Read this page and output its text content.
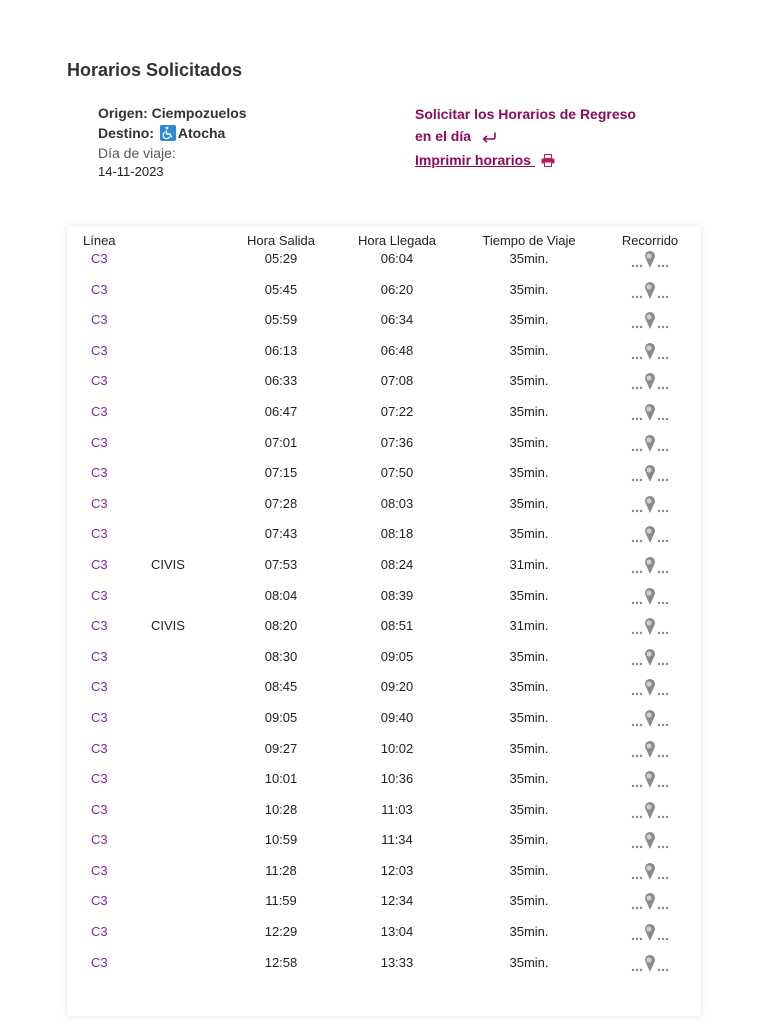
Horarios Solicitados
Origen: Ciempozuelos
Destino: Atocha
Día de viaje:
14-11-2023
Solicitar los Horarios de Regreso
en el día
Imprimir horarios
Línea		Hora Salida	Hora Llegada	Tiempo de Viaje	Recorrido
C3		05:29	06:04	35min.	
C3		05:45	06:20	35min.	
C3		05:59	06:34	35min.	
C3		06:13	06:48	35min.	
C3		06:33	07:08	35min.	
C3		06:47	07:22	35min.	
C3		07:01	07:36	35min.	
C3		07:15	07:50	35min.	
C3		07:28	08:03	35min.	
C3		07:43	08:18	35min.	
C3	CIVIS	07:53	08:24	31min.	
C3		08:04	08:39	35min.	
C3	CIVIS	08:20	08:51	31min.	
C3		08:30	09:05	35min.	
C3		08:45	09:20	35min.	
C3		09:05	09:40	35min.	
C3		09:27	10:02	35min.	
C3		10:01	10:36	35min.	
C3		10:28	11:03	35min.	
C3		10:59	11:34	35min.	
C3		11:28	12:03	35min.	
C3		11:59	12:34	35min.	
C3		12:29	13:04	35min.	
C3		12:58	13:33	35min.	
